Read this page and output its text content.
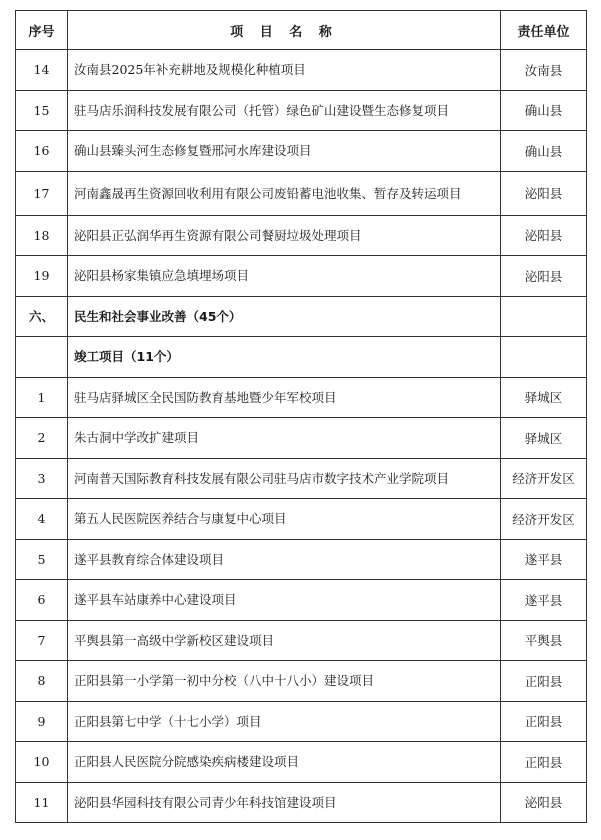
序号	项 目 名 称	责任单位
14	汝南县2025年补充耕地及规模化种植项目	汝南县
15	驻马店乐润科技发展有限公司（托管）绿色矿山建设暨生态修复项目	确山县
16	确山县臻头河生态修复暨邢河水库建设项目	确山县
17	河南鑫晟再生资源回收利用有限公司废铅蓄电池收集、暂存及转运项目	泌阳县
18	泌阳县正弘润华再生资源有限公司餐厨垃圾处理项目	泌阳县
19	泌阳县杨家集镇应急填埋场项目	泌阳县
六、	民生和社会事业改善（45个）	
	竣工项目（11个）	
1	驻马店驿城区全民国防教育基地暨少年军校项目	驿城区
2	朱古洞中学改扩建项目	驿城区
3	河南普天国际教育科技发展有限公司驻马店市数字技术产业学院项目	经济开发区
4	第五人民医院医养结合与康复中心项目	经济开发区
5	遂平县教育综合体建设项目	遂平县
6	遂平县车站康养中心建设项目	遂平县
7	平舆县第一高级中学新校区建设项目	平舆县
8	正阳县第一小学第一初中分校（八中十八小）建设项目	正阳县
9	正阳县第七中学（十七小学）项目	正阳县
10	正阳县人民医院分院感染疾病楼建设项目	正阳县
11	泌阳县华园科技有限公司青少年科技馆建设项目	泌阳县
